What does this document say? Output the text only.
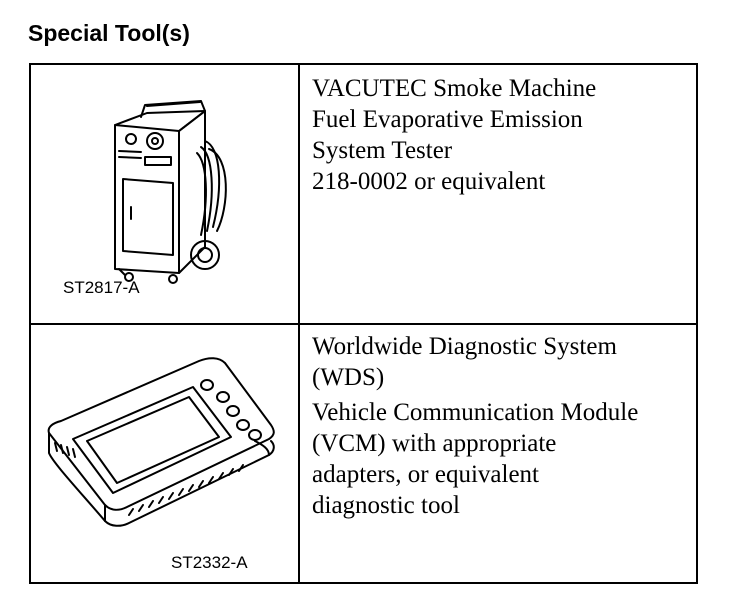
Special Tool(s)
ST2817-A
VACUTEC Smoke Machine
Fuel Evaporative Emission
System Tester
218-0002 or equivalent
ST2332-A
Worldwide Diagnostic System
(WDS)
Vehicle Communication Module
(VCM) with appropriate
adapters, or equivalent
diagnostic tool
